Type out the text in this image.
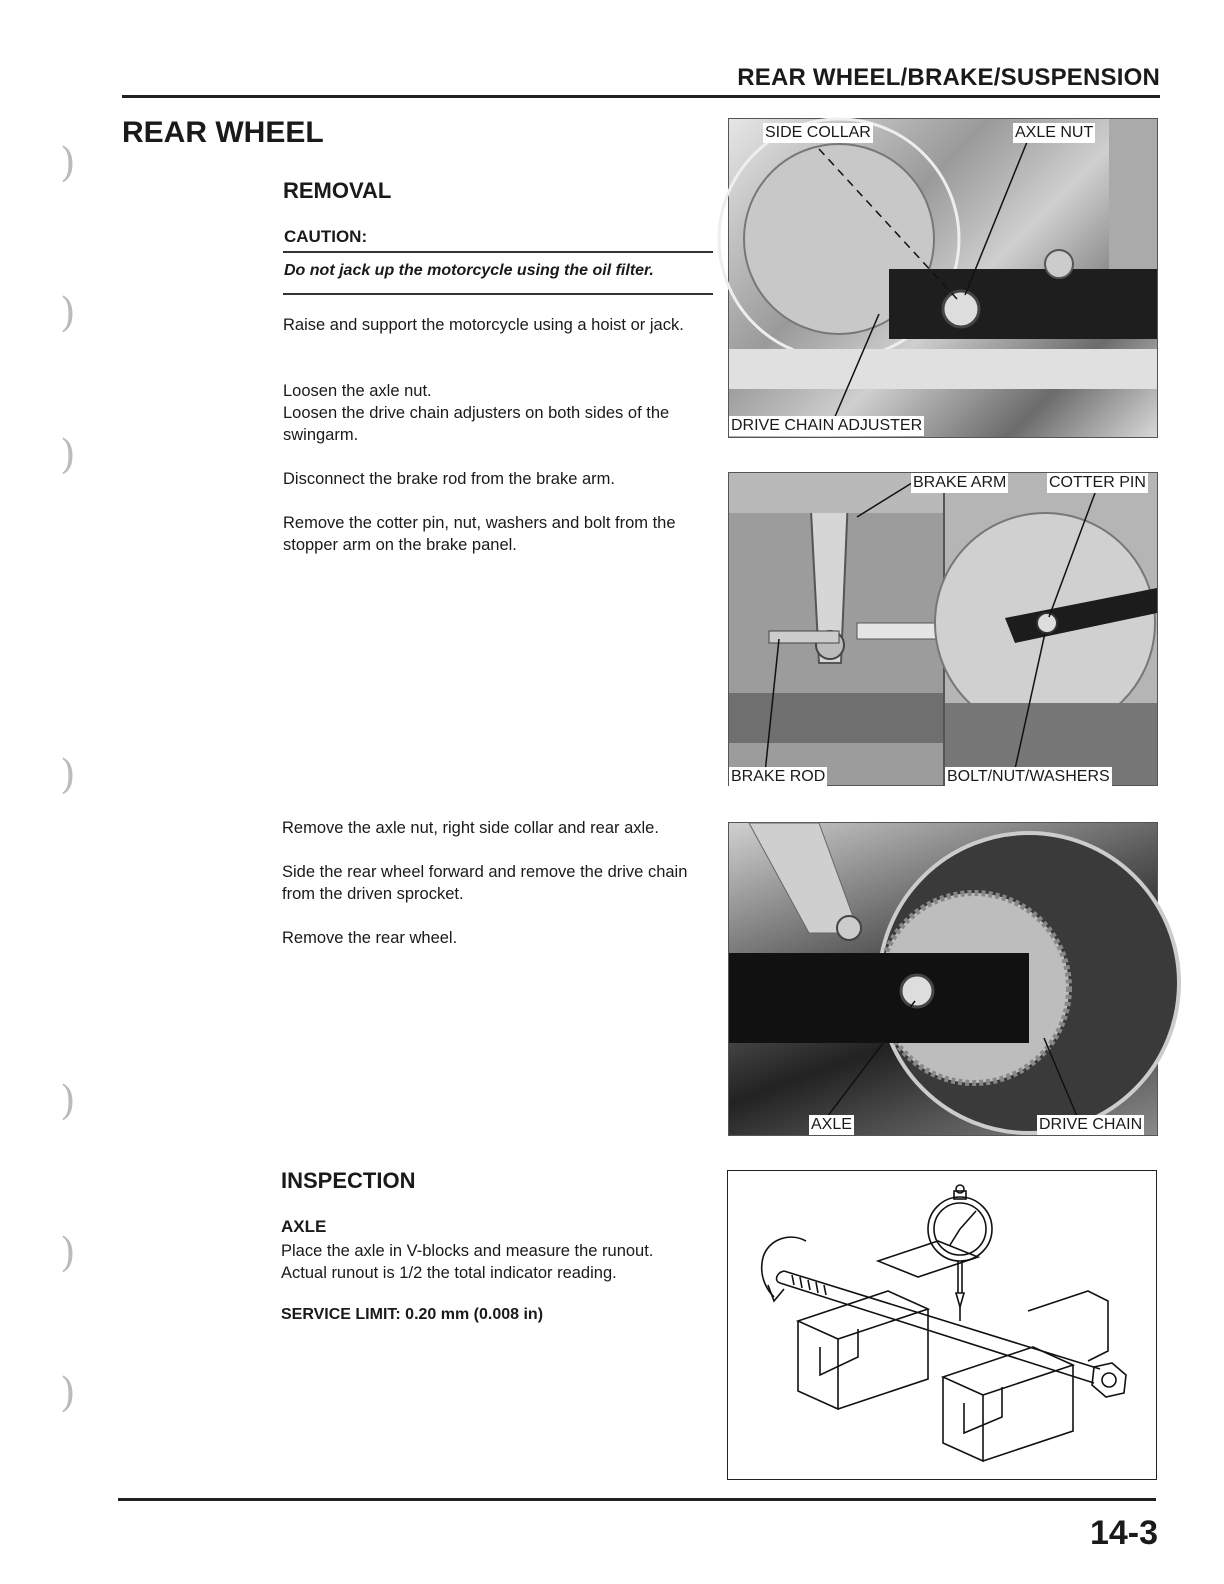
)
)
)
)
)
)
)
REAR WHEEL/BRAKE/SUSPENSION
REAR WHEEL
REMOVAL
CAUTION:
Do not jack up the motorcycle using the oil filter.
Raise and support the motorcycle using a hoist or jack.
Loosen the axle nut.
Loosen the drive chain adjusters on both sides of the swingarm.
Disconnect the brake rod from the brake arm.
Remove the cotter pin, nut, washers and bolt from the stopper arm on the brake panel.
Remove the axle nut, right side collar and rear axle.
Side the rear wheel forward and remove the drive chain from the driven sprocket.
Remove the rear wheel.
INSPECTION
AXLE
Place the axle in V-blocks and measure the runout.
Actual runout is 1/2 the total indicator reading.
SERVICE LIMIT: 0.20 mm (0.008 in)
SIDE COLLAR	AXLE NUT
DRIVE CHAIN ADJUSTER
BRAKE ROD
BRAKE ARM	COTTER PIN
BOLT/NUT/WASHERS
AXLE	DRIVE CHAIN
14-3
